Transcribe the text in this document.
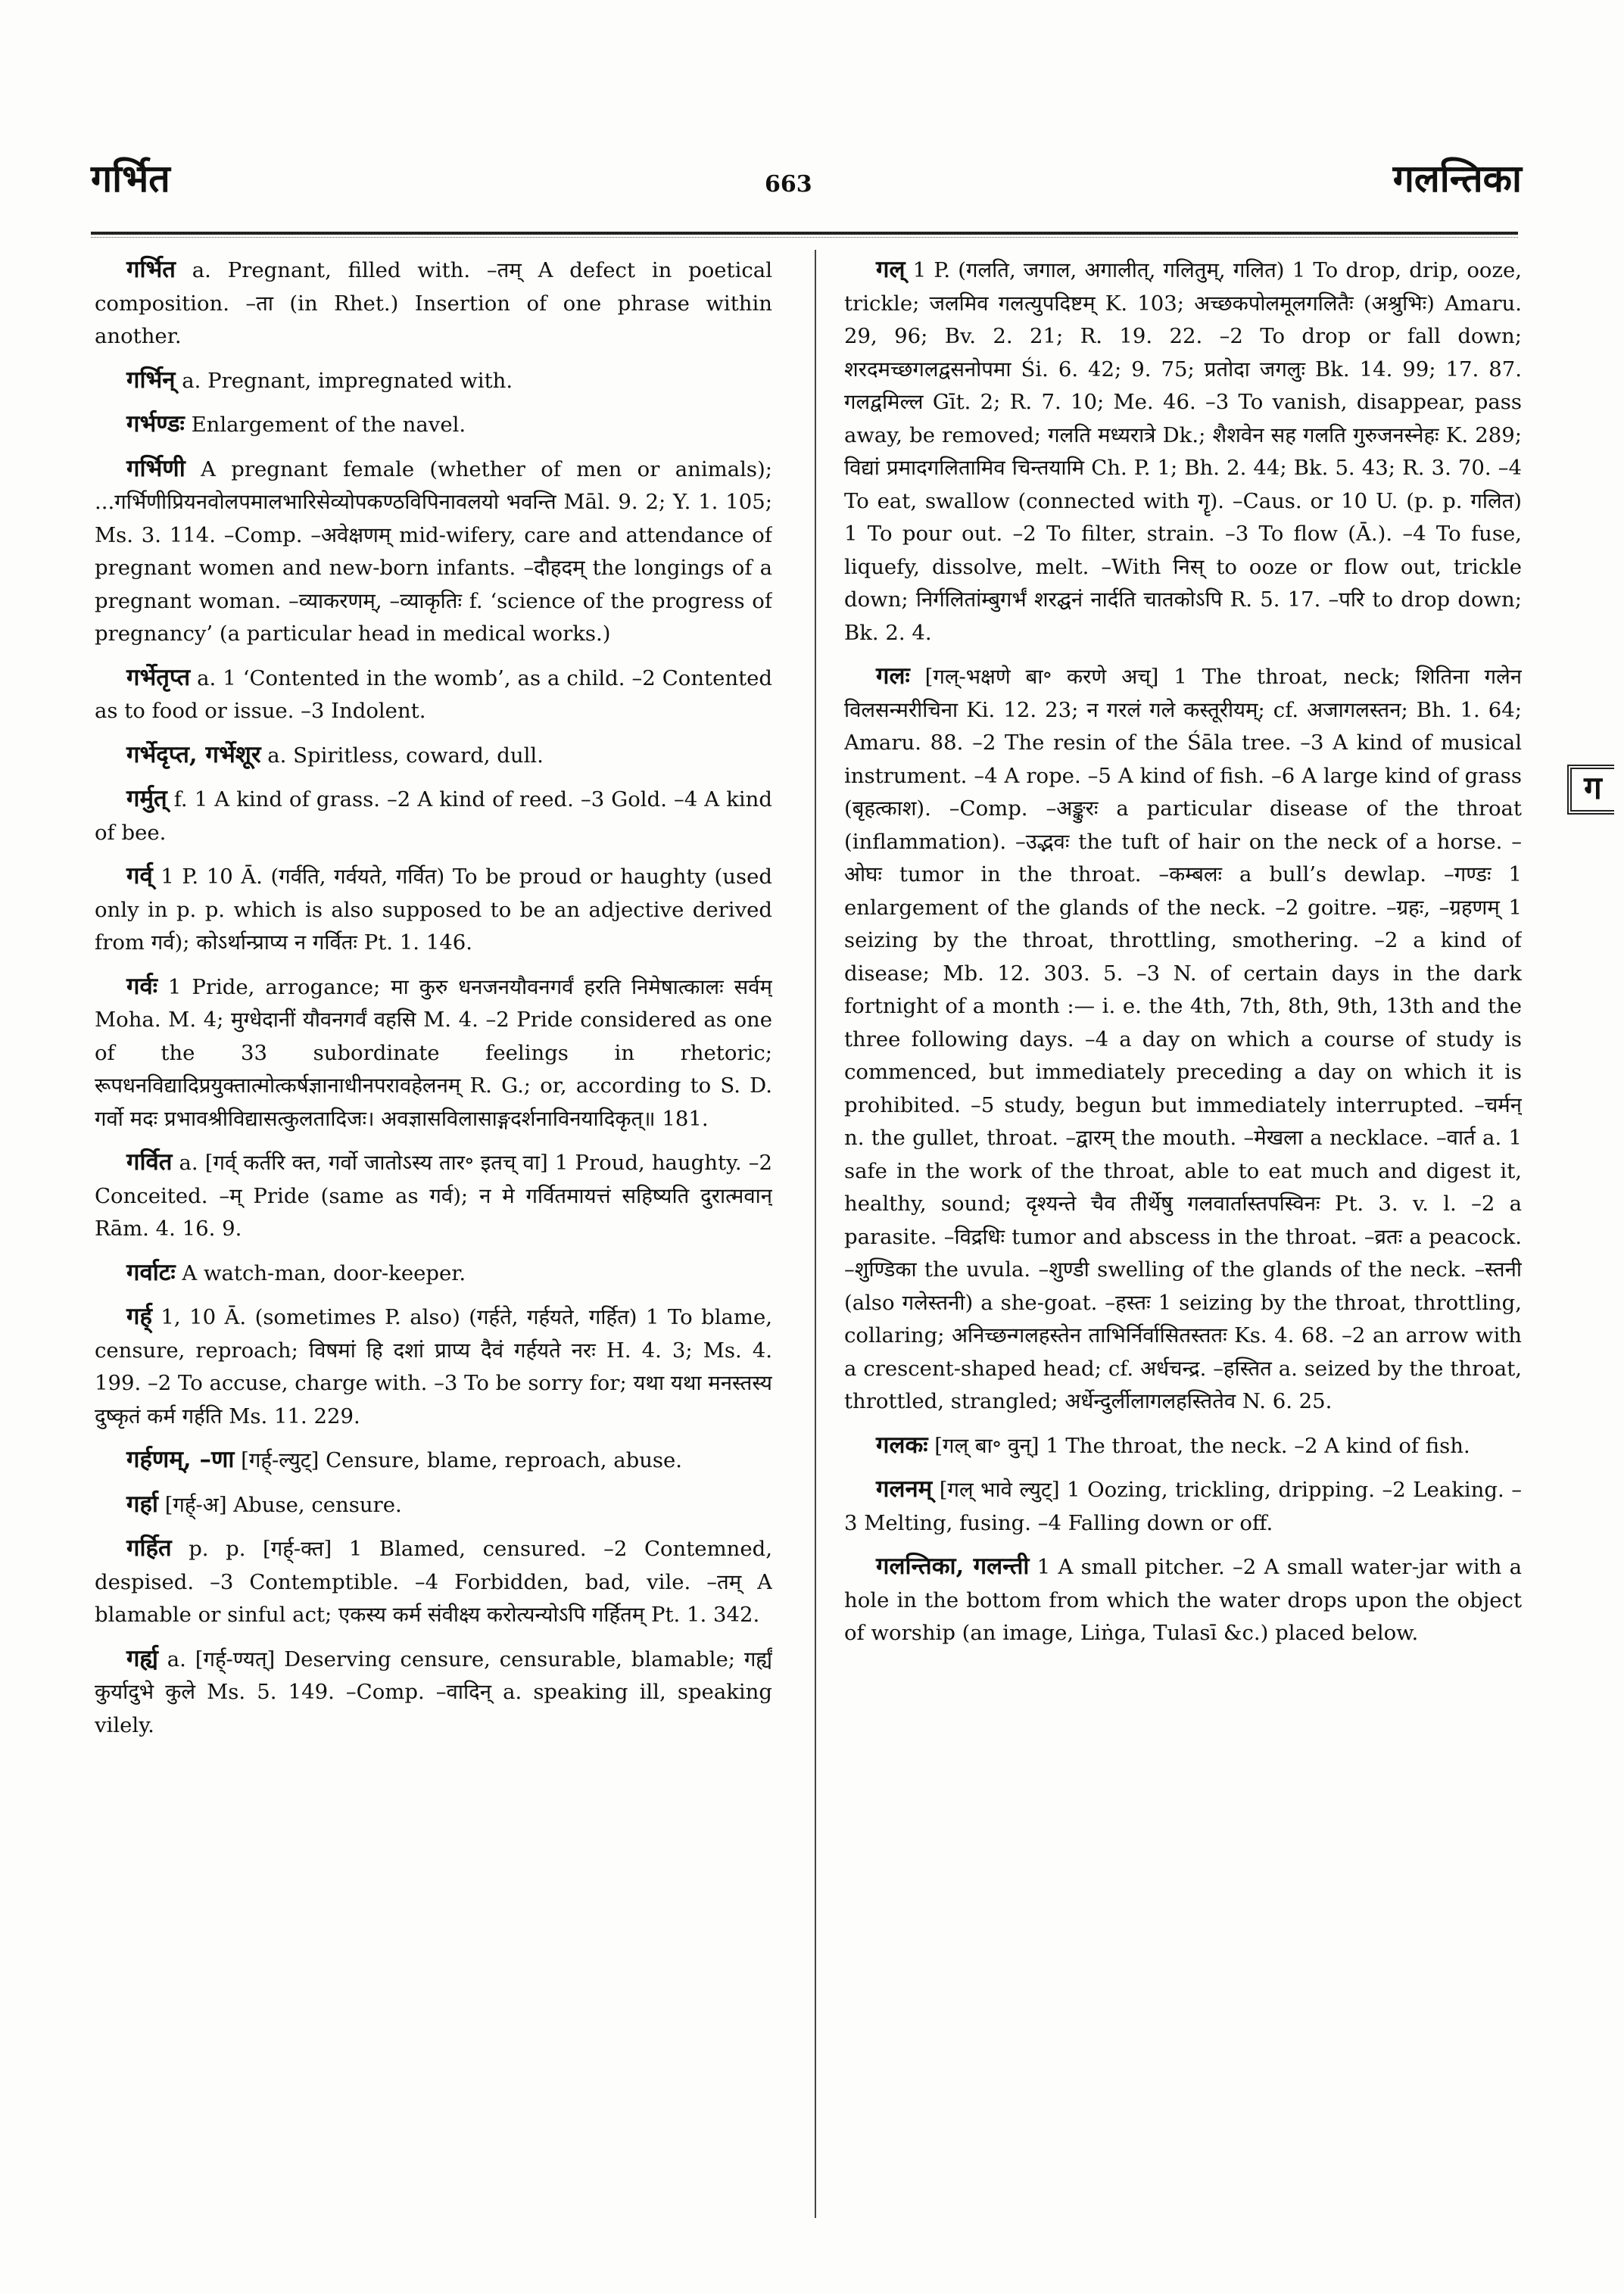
गर्भित	663	गलन्तिका

गर्भित a. Pregnant, filled with. –तम् A defect in poetical composition. –ता (in Rhet.) Insertion of one phrase within another.

गर्भिन् a. Pregnant, impregnated with.

गर्भण्डः Enlargement of the navel.

गर्भिणी A pregnant female (whether of men or animals); ...गर्भिणीप्रियनवोलपमालभारिसेव्योपकण्ठविपिनावलयो भवन्ति Māl. 9. 2; Y. 1. 105; Ms. 3. 114. –Comp. –अवेक्षणम् mid-wifery, care and attendance of pregnant women and new-born infants. –दौहदम् the longings of a pregnant woman. –व्याकरणम्, –व्याकृतिः f. ‘science of the progress of pregnancy’ (a particular head in medical works.)

गर्भेतृप्त a. 1 ‘Contented in the womb’, as a child. –2 Contented as to food or issue. –3 Indolent.

गर्भेदृप्त, गर्भेशूर a. Spiritless, coward, dull.

गर्मुत् f. 1 A kind of grass. –2 A kind of reed. –3 Gold. –4 A kind of bee.

गर्व् 1 P. 10 Ā. (गर्वति, गर्वयते, गर्वित) To be proud or haughty (used only in p. p. which is also supposed to be an adjective derived from गर्व); कोऽर्थान्प्राप्य न गर्वितः Pt. 1. 146.

गर्वः 1 Pride, arrogance; मा कुरु धनजनयौवनगर्वं हरति निमेषात्कालः सर्वम् Moha. M. 4; मुग्धेदानीं यौवनगर्वं वहसि M. 4. –2 Pride considered as one of the 33 subordinate feelings in rhetoric; रूपधनविद्यादिप्रयुक्तात्मोत्कर्षज्ञानाधीनपरावहेलनम् R. G.; or, according to S. D. गर्वो मदः प्रभावश्रीविद्यासत्कुलतादिजः। अवज्ञासविलासाङ्गदर्शनाविनयादिकृत्॥ 181.

गर्वित a. [गर्व् कर्तरि क्त, गर्वो जातोऽस्य तार॰ इतच् वा] 1 Proud, haughty. –2 Conceited. –म् Pride (same as गर्व); न मे गर्वितमायत्तं सहिष्यति दुरात्मवान् Rām. 4. 16. 9.

गर्वाटः A watch-man, door-keeper.

गर्ह् 1, 10 Ā. (sometimes P. also) (गर्हते, गर्हयते, गर्हित) 1 To blame, censure, reproach; विषमां हि दशां प्राप्य दैवं गर्हयते नरः H. 4. 3; Ms. 4. 199. –2 To accuse, charge with. –3 To be sorry for; यथा यथा मनस्तस्य दुष्कृतं कर्म गर्हति Ms. 11. 229.

गर्हणम्, –णा [गर्ह्-ल्युट्] Censure, blame, reproach, abuse.

गर्हा [गर्ह्-अ] Abuse, censure.

गर्हित p. p. [गर्ह्-क्त] 1 Blamed, censured. –2 Contemned, despised. –3 Contemptible. –4 Forbidden, bad, vile. –तम् A blamable or sinful act; एकस्य कर्म संवीक्ष्य करोत्यन्योऽपि गर्हितम् Pt. 1. 342.

गर्ह्य a. [गर्ह्-ण्यत्] Deserving censure, censurable, blamable; गर्ह्यं कुर्यादुभे कुले Ms. 5. 149. –Comp. –वादिन् a. speaking ill, speaking vilely.

गल् 1 P. (गलति, जगाल, अगालीत्, गलितुम्, गलित) 1 To drop, drip, ooze, trickle; जलमिव गलत्युपदिष्टम् K. 103; अच्छकपोलमूलगलितैः (अश्रुभिः) Amaru. 29, 96; Bv. 2. 21; R. 19. 22. –2 To drop or fall down; शरदमच्छगलद्वसनोपमा Śi. 6. 42; 9. 75; प्रतोदा जगलुः Bk. 14. 99; 17. 87. गलद्वमिल्ल Gīt. 2; R. 7. 10; Me. 46. –3 To vanish, disappear, pass away, be removed; गलति मध्यरात्रे Dk.; शैशवेन सह गलति गुरुजनस्नेहः K. 289; विद्यां प्रमादगलितामिव चिन्तयामि Ch. P. 1; Bh. 2. 44; Bk. 5. 43; R. 3. 70. –4 To eat, swallow (connected with गॄ). –Caus. or 10 U. (p. p. गलित) 1 To pour out. –2 To filter, strain. –3 To flow (Ā.). –4 To fuse, liquefy, dissolve, melt. –With निस् to ooze or flow out, trickle down; निर्गलितांम्बुगर्भं शरद्घनं नार्दति चातकोऽपि R. 5. 17. –परि to drop down; Bk. 2. 4.

गलः [गल्-भक्षणे बा॰ करणे अच्] 1 The throat, neck; शितिना गलेन विलसन्मरीचिना Ki. 12. 23; न गरलं गले कस्तूरीयम्; cf. अजागलस्तन; Bh. 1. 64; Amaru. 88. –2 The resin of the Śāla tree. –3 A kind of musical instrument. –4 A rope. –5 A kind of fish. –6 A large kind of grass (बृहत्काश). –Comp. –अङ्कुरः a particular disease of the throat (inflammation). –उद्भवः the tuft of hair on the neck of a horse. –ओघः tumor in the throat. –कम्बलः a bull’s dewlap. –गण्डः 1 enlargement of the glands of the neck. –2 goitre. –ग्रहः, –ग्रहणम् 1 seizing by the throat, throttling, smothering. –2 a kind of disease; Mb. 12. 303. 5. –3 N. of certain days in the dark fortnight of a month :— i. e. the 4th, 7th, 8th, 9th, 13th and the three following days. –4 a day on which a course of study is commenced, but immediately preceding a day on which it is prohibited. –5 study, begun but immediately interrupted. –चर्मन् n. the gullet, throat. –द्वारम् the mouth. –मेखला a necklace. –वार्त a. 1 safe in the work of the throat, able to eat much and digest it, healthy, sound; दृश्यन्ते चैव तीर्थेषु गलवार्तास्तपस्विनः Pt. 3. v. l. –2 a parasite. –विद्रधिः tumor and abscess in the throat. –व्रतः a peacock. –शुण्डिका the uvula. –शुण्डी swelling of the glands of the neck. –स्तनी (also गलेस्तनी) a she-goat. –हस्तः 1 seizing by the throat, throttling, collaring; अनिच्छन्गलहस्तेन ताभिर्निर्वासितस्ततः Ks. 4. 68. –2 an arrow with a crescent-shaped head; cf. अर्धचन्द्र. –हस्तित a. seized by the throat, throttled, strangled; अर्धेन्दुर्लीलागलहस्तितेव N. 6. 25.

गलकः [गल् बा॰ वुन्] 1 The throat, the neck. –2 A kind of fish.

गलनम् [गल् भावे ल्युट्] 1 Oozing, trickling, dripping. –2 Leaking. –3 Melting, fusing. –4 Falling down or off.

गलन्तिका, गलन्ती 1 A small pitcher. –2 A small water-jar with a hole in the bottom from which the water drops upon the object of worship (an image, Liṅga, Tulasī &c.) placed below.

ग
